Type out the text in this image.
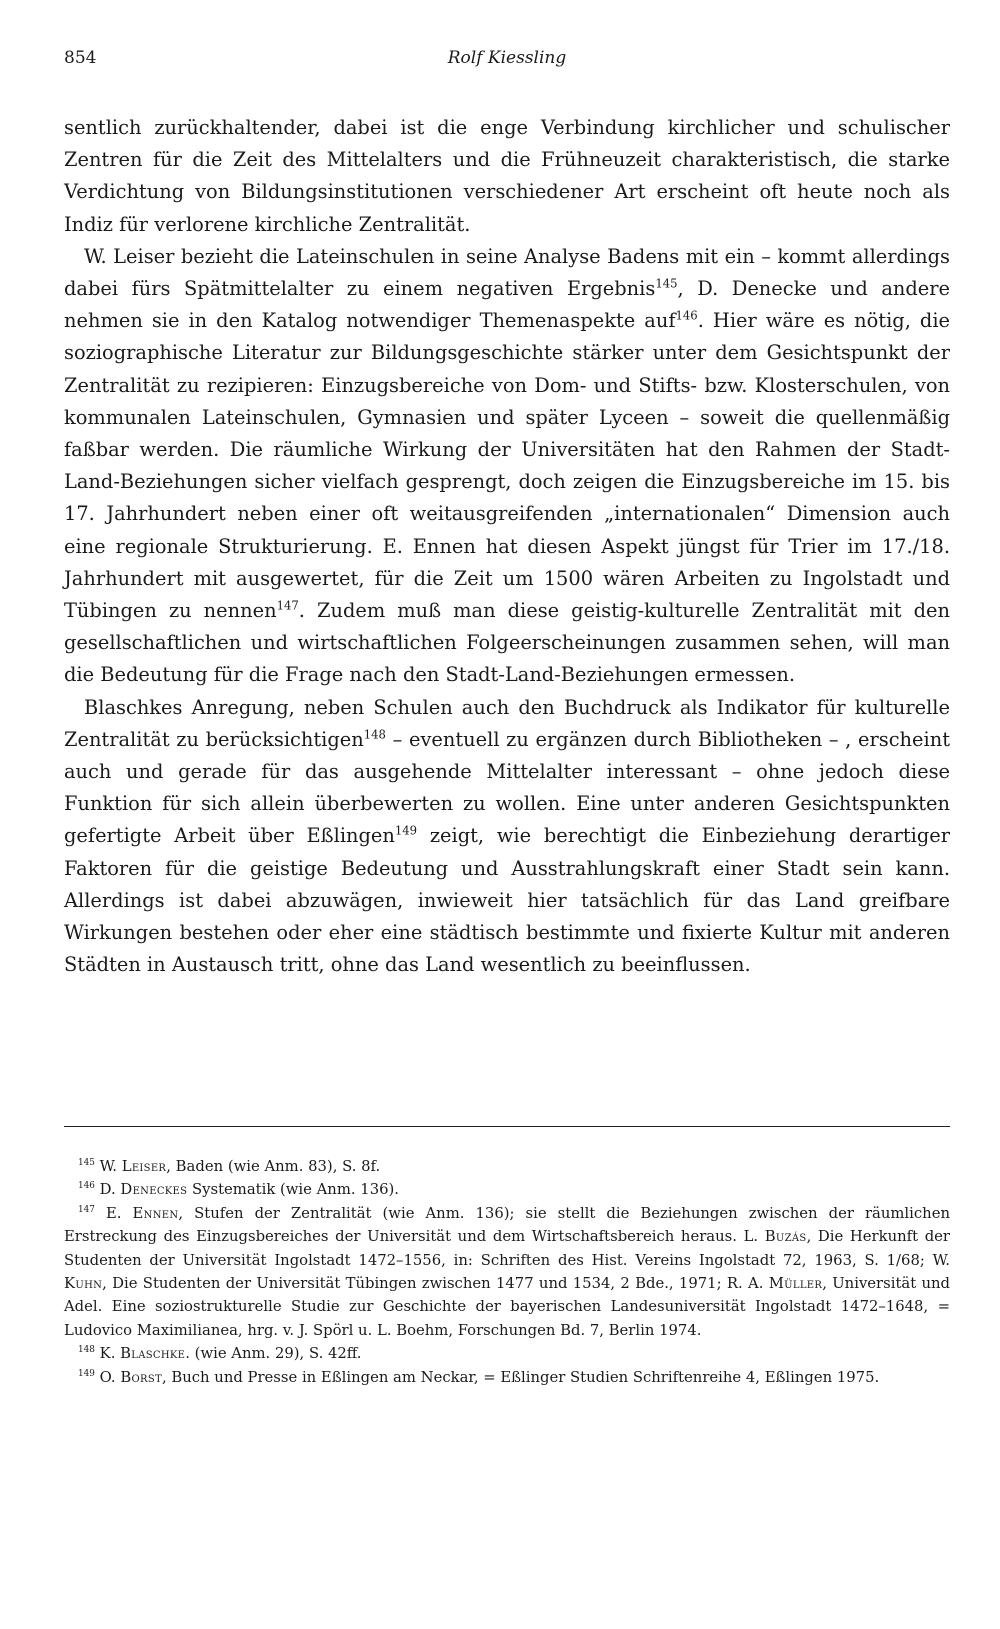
854	Rolf Kiessling

sentlich zurückhaltender, dabei ist die enge Verbindung kirchlicher und schulischer Zentren für die Zeit des Mittelalters und die Frühneuzeit charakteristisch, die starke Verdichtung von Bildungsinstitutionen verschiedener Art erscheint oft heute noch als Indiz für verlorene kirchliche Zentralität.

W. Leiser bezieht die Lateinschulen in seine Analyse Badens mit ein – kommt allerdings dabei fürs Spätmittelalter zu einem negativen Ergebnis$^{145}$, D. Denecke und andere nehmen sie in den Katalog notwendiger Themenaspekte auf$^{146}$. Hier wäre es nötig, die soziographische Literatur zur Bildungsgeschichte stärker unter dem Gesichtspunkt der Zentralität zu rezipieren: Einzugsbereiche von Dom- und Stifts- bzw. Klosterschulen, von kommunalen Lateinschulen, Gymnasien und später Lyceen – soweit die quellenmäßig faßbar werden. Die räumliche Wirkung der Universitäten hat den Rahmen der Stadt-Land-Beziehungen sicher vielfach gesprengt, doch zeigen die Einzugsbereiche im 15. bis 17. Jahrhundert neben einer oft weitausgreifenden „internationalen“ Dimension auch eine regionale Strukturierung. E. Ennen hat diesen Aspekt jüngst für Trier im 17./18. Jahrhundert mit ausgewertet, für die Zeit um 1500 wären Arbeiten zu Ingolstadt und Tübingen zu nennen$^{147}$. Zudem muß man diese geistig-kulturelle Zentralität mit den gesellschaftlichen und wirtschaftlichen Folgeerscheinungen zusammen sehen, will man die Bedeutung für die Frage nach den Stadt-Land-Beziehungen ermessen.

Blaschkes Anregung, neben Schulen auch den Buchdruck als Indikator für kulturelle Zentralität zu berücksichtigen$^{148}$ – eventuell zu ergänzen durch Bibliotheken – , erscheint auch und gerade für das ausgehende Mittelalter interessant – ohne jedoch diese Funktion für sich allein überbewerten zu wollen. Eine unter anderen Gesichtspunkten gefertigte Arbeit über Eßlingen$^{149}$ zeigt, wie berechtigt die Einbeziehung derartiger Faktoren für die geistige Bedeutung und Ausstrahlungskraft einer Stadt sein kann. Allerdings ist dabei abzuwägen, inwieweit hier tatsächlich für das Land greifbare Wirkungen bestehen oder eher eine städtisch bestimmte und fixierte Kultur mit anderen Städten in Austausch tritt, ohne das Land wesentlich zu beeinflussen.

$^{145}$ W. Leiser, Baden (wie Anm. 83), S. 8f.

$^{146}$ D. Deneckes Systematik (wie Anm. 136).

$^{147}$ E. Ennen, Stufen der Zentralität (wie Anm. 136); sie stellt die Beziehungen zwischen der räumlichen Erstreckung des Einzugsbereiches der Universität und dem Wirtschaftsbereich heraus. L. Buzás, Die Herkunft der Studenten der Universität Ingolstadt 1472–1556, in: Schriften des Hist. Vereins Ingolstadt 72, 1963, S. 1/68; W. Kuhn, Die Studenten der Universität Tübingen zwischen 1477 und 1534, 2 Bde., 1971; R. A. Müller, Universität und Adel. Eine soziostrukturelle Studie zur Geschichte der bayerischen Landesuniversität Ingolstadt 1472–1648, = Ludovico Maximilianea, hrg. v. J. Spörl u. L. Boehm, Forschungen Bd. 7, Berlin 1974.

$^{148}$ K. Blaschke. (wie Anm. 29), S. 42ff.

$^{149}$ O. Borst, Buch und Presse in Eßlingen am Neckar, = Eßlinger Studien Schriftenreihe 4, Eßlingen 1975.
